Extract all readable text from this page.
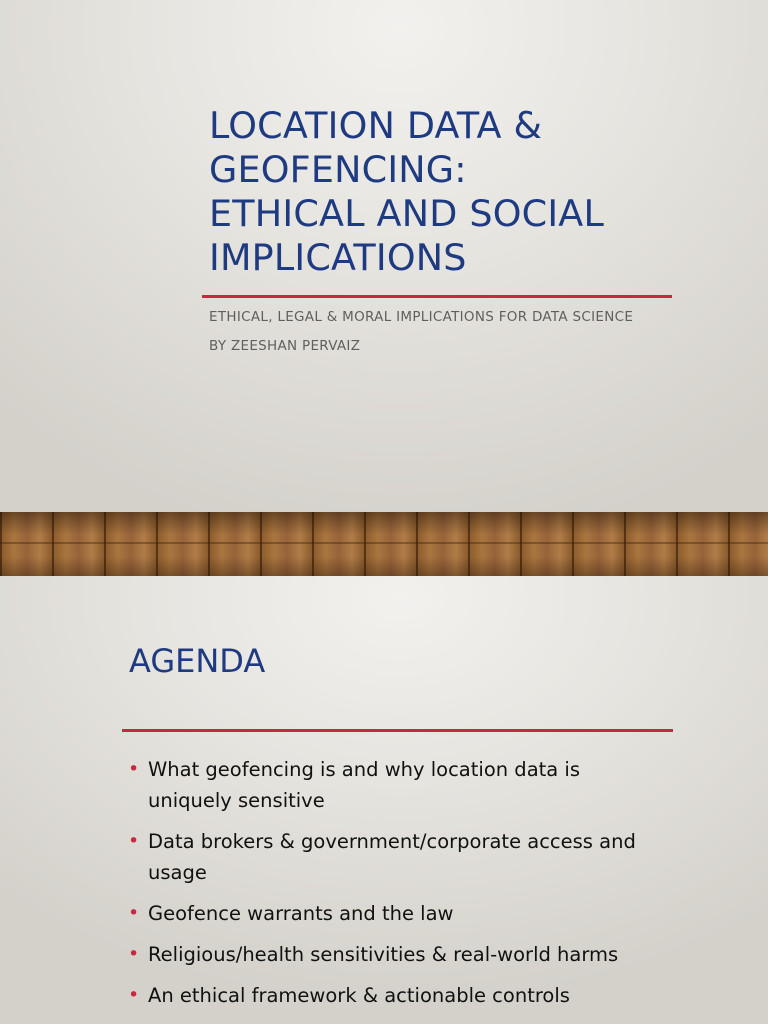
LOCATION DATA &
GEOFENCING:
ETHICAL AND SOCIAL
IMPLICATIONS
ETHICAL, LEGAL & MORAL IMPLICATIONS FOR DATA SCIENCE
BY ZEESHAN PERVAIZ
AGENDA
• What geofencing is and why location data is uniquely sensitive
• Data brokers & government/corporate access and usage
• Geofence warrants and the law
• Religious/health sensitivities & real-world harms
• An ethical framework & actionable controls
